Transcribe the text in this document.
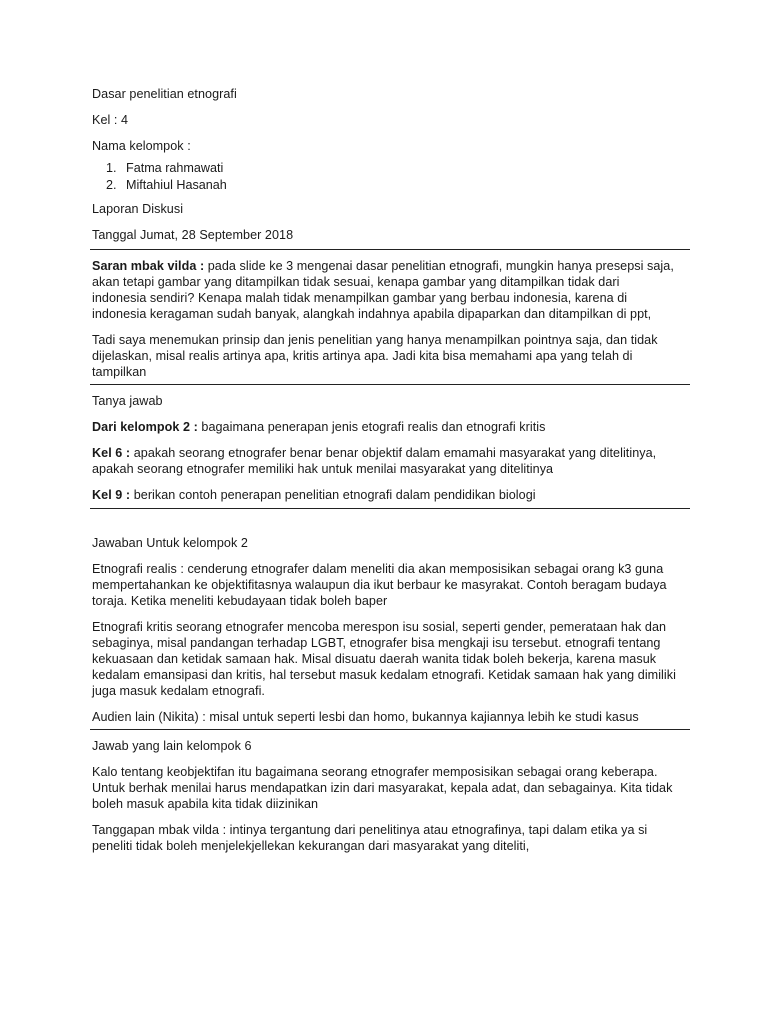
Dasar penelitian etnografi

Kel : 4

Nama kelompok :

1. Fatma rahmawati
2. Miftahiul Hasanah

Laporan Diskusi

Tanggal Jumat, 28 September 2018

Saran mbak vilda : pada slide ke 3 mengenai dasar penelitian etnografi, mungkin hanya presepsi saja, akan tetapi gambar yang ditampilkan tidak sesuai, kenapa gambar yang ditampilkan tidak dari indonesia sendiri? Kenapa malah tidak menampilkan gambar yang berbau indonesia, karena di indonesia keragaman sudah banyak, alangkah indahnya apabila dipaparkan dan ditampilkan di ppt,

Tadi saya menemukan prinsip dan jenis penelitian yang hanya menampilkan pointnya saja, dan tidak dijelaskan, misal realis artinya apa, kritis artinya apa. Jadi kita bisa memahami apa yang telah di tampilkan

Tanya jawab

Dari kelompok 2 : bagaimana penerapan jenis etografi realis dan etnografi kritis

Kel 6 : apakah seorang etnografer benar benar objektif dalam emamahi masyarakat yang ditelitinya, apakah seorang etnografer memiliki hak untuk menilai masyarakat yang ditelitinya

Kel 9 : berikan contoh penerapan penelitian etnografi dalam pendidikan biologi

Jawaban Untuk kelompok 2

Etnografi realis : cenderung etnografer dalam meneliti dia akan memposisikan sebagai orang k3 guna mempertahankan ke objektifitasnya walaupun dia ikut berbaur ke masyrakat. Contoh beragam budaya toraja. Ketika meneliti kebudayaan tidak boleh baper

Etnografi kritis seorang etnografer mencoba merespon isu sosial, seperti gender, pemerataan hak dan sebaginya, misal pandangan terhadap LGBT, etnografer bisa mengkaji isu tersebut. etnografi tentang kekuasaan dan ketidak samaan hak. Misal disuatu daerah wanita tidak boleh bekerja, karena masuk kedalam emansipasi dan kritis, hal tersebut masuk kedalam etnografi. Ketidak samaan hak yang dimiliki juga masuk kedalam etnografi.

Audien lain (Nikita) : misal untuk seperti lesbi dan homo, bukannya kajiannya lebih ke studi kasus

Jawab yang lain kelompok 6

Kalo tentang keobjektifan itu bagaimana seorang etnografer memposisikan sebagai orang keberapa. Untuk berhak menilai harus mendapatkan izin dari masyarakat, kepala adat, dan sebagainya. Kita tidak boleh masuk apabila kita tidak diizinikan

Tanggapan mbak vilda : intinya tergantung dari penelitinya atau etnografinya, tapi dalam etika ya si peneliti tidak boleh menjelekjellekan kekurangan dari masyarakat yang diteliti,
